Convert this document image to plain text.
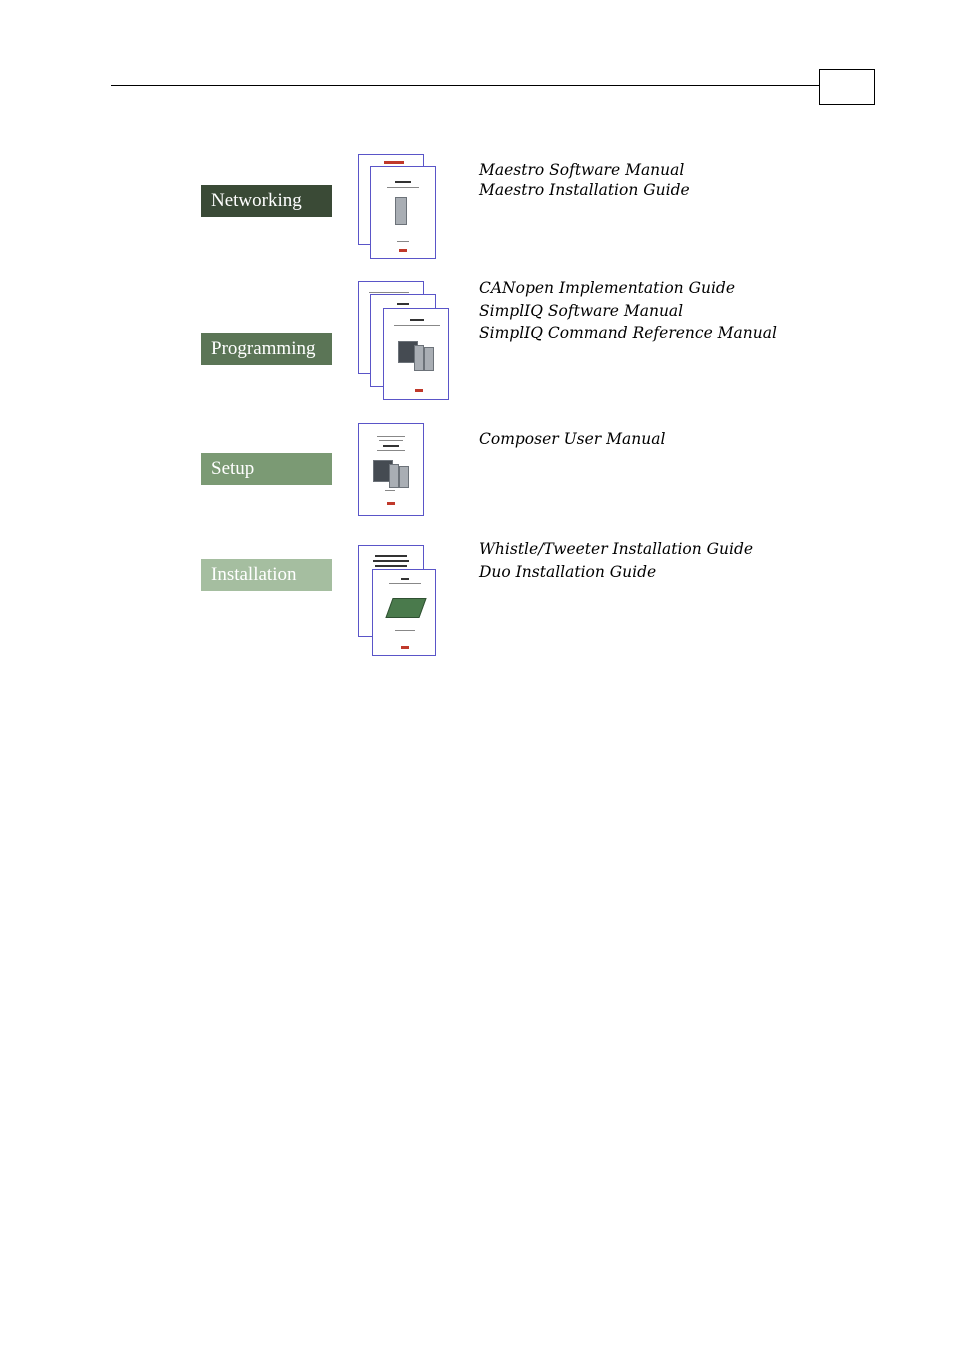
Networking
Maestro Software Manual
Maestro Installation Guide
Programming
CANopen Implementation Guide
SimplIQ Software Manual
SimplIQ Command Reference Manual
Setup
Composer User Manual
Installation
Whistle/Tweeter Installation Guide
Duo Installation Guide
